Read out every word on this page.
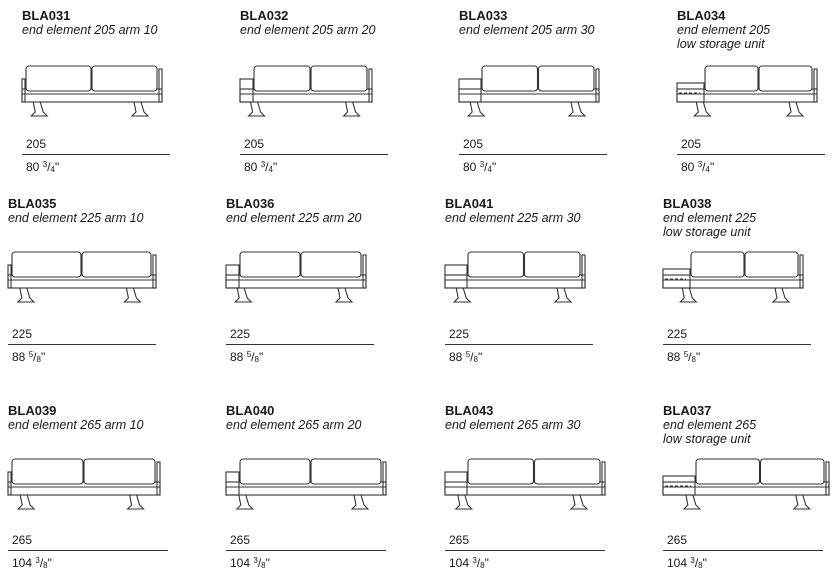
BLA031
end element 205 arm 10

205
80 $^3/_4$"
BLA032
end element 205 arm 20

205
80 $^3/_4$"
BLA033
end element 205 arm 30

205
80 $^3/_4$"
BLA034
end element 205
low storage unit
205
80 $^3/_4$"
BLA035
end element 225 arm 10

225
88 $^5/_8$"
BLA036
end element 225 arm 20

225
88 $^5/_8$"
BLA041
end element 225 arm 30

225
88 $^5/_8$"
BLA038
end element 225
low storage unit
225
88 $^5/_8$"
BLA039
end element 265 arm 10

265
104 $^3/_8$"
BLA040
end element 265 arm 20

265
104 $^3/_8$"
BLA043
end element 265 arm 30

265
104 $^3/_8$"
BLA037
end element 265
low storage unit
265
104 $^3/_8$"
